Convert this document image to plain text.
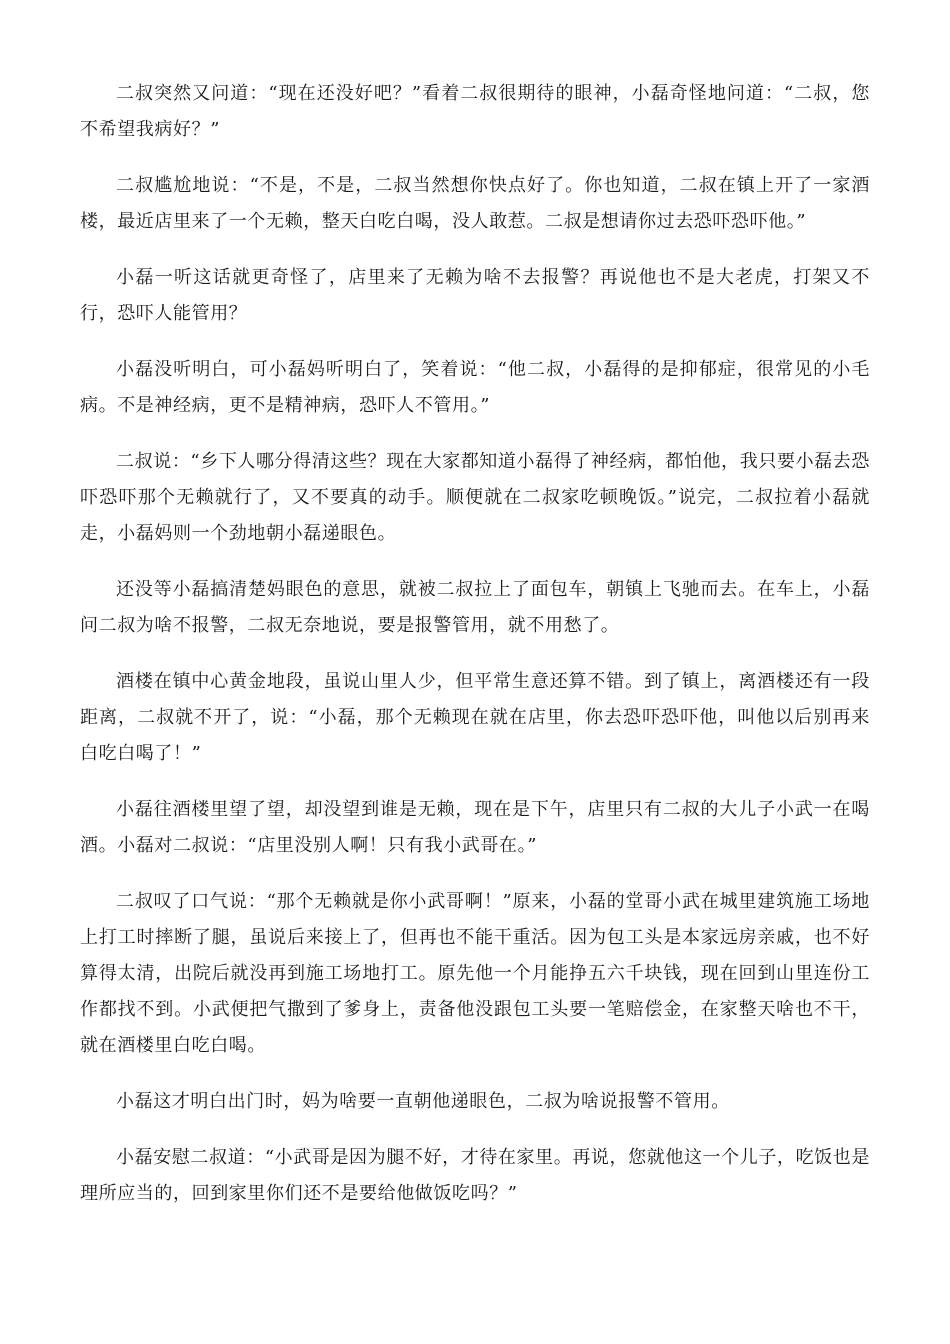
二叔突然又问道：“现在还没好吧？”看着二叔很期待的眼神，小磊奇怪地问道：“二叔，您不希望我病好？”

二叔尴尬地说：“不是，不是，二叔当然想你快点好了。你也知道，二叔在镇上开了一家酒楼，最近店里来了一个无赖，整天白吃白喝，没人敢惹。二叔是想请你过去恐吓恐吓他。”

小磊一听这话就更奇怪了，店里来了无赖为啥不去报警？再说他也不是大老虎，打架又不行，恐吓人能管用？

小磊没听明白，可小磊妈听明白了，笑着说：“他二叔，小磊得的是抑郁症，很常见的小毛病。不是神经病，更不是精神病，恐吓人不管用。”

二叔说：“乡下人哪分得清这些？现在大家都知道小磊得了神经病，都怕他，我只要小磊去恐吓恐吓那个无赖就行了，又不要真的动手。顺便就在二叔家吃顿晚饭。”说完，二叔拉着小磊就走，小磊妈则一个劲地朝小磊递眼色。

还没等小磊搞清楚妈眼色的意思，就被二叔拉上了面包车，朝镇上飞驰而去。在车上，小磊问二叔为啥不报警，二叔无奈地说，要是报警管用，就不用愁了。

酒楼在镇中心黄金地段，虽说山里人少，但平常生意还算不错。到了镇上，离酒楼还有一段距离，二叔就不开了，说：“小磊，那个无赖现在就在店里，你去恐吓恐吓他，叫他以后别再来白吃白喝了！”

小磊往酒楼里望了望，却没望到谁是无赖，现在是下午，店里只有二叔的大儿子小武一在喝酒。小磊对二叔说：“店里没别人啊！只有我小武哥在。”

二叔叹了口气说：“那个无赖就是你小武哥啊！”原来，小磊的堂哥小武在城里建筑施工场地上打工时摔断了腿，虽说后来接上了，但再也不能干重活。因为包工头是本家远房亲戚，也不好算得太清，出院后就没再到施工场地打工。原先他一个月能挣五六千块钱，现在回到山里连份工作都找不到。小武便把气撒到了爹身上，责备他没跟包工头要一笔赔偿金，在家整天啥也不干，就在酒楼里白吃白喝。

小磊这才明白出门时，妈为啥要一直朝他递眼色，二叔为啥说报警不管用。

小磊安慰二叔道：“小武哥是因为腿不好，才待在家里。再说，您就他这一个儿子，吃饭也是理所应当的，回到家里你们还不是要给他做饭吃吗？”
